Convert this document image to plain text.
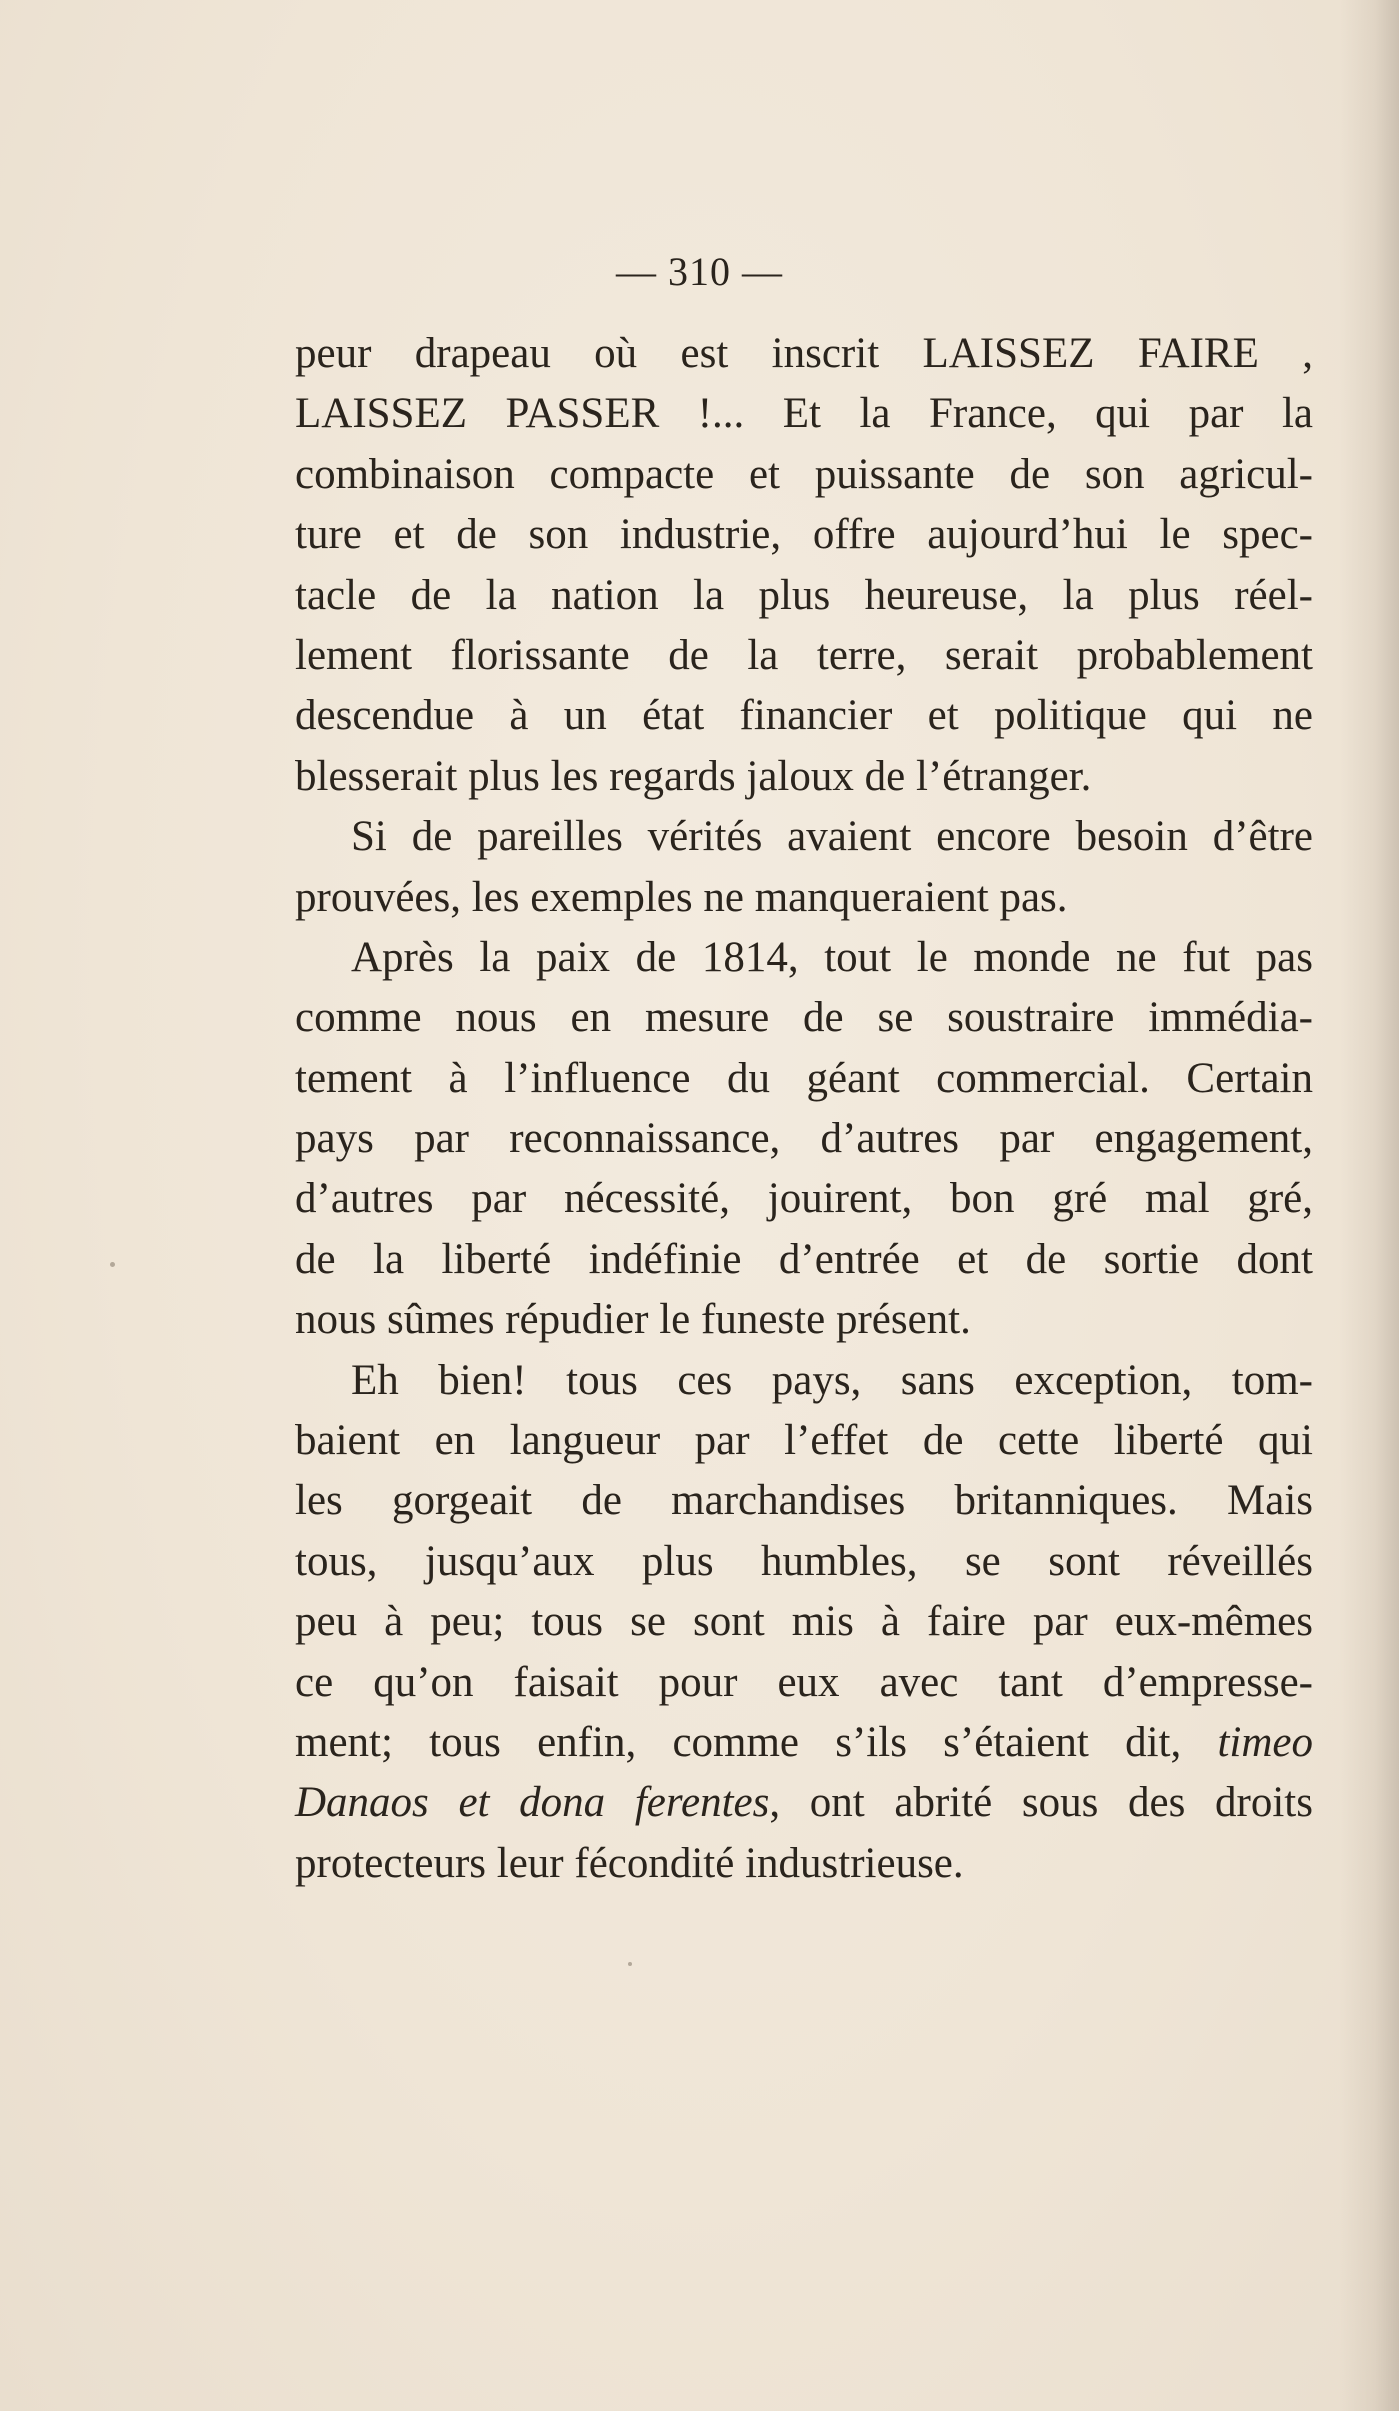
— 310 —
peur drapeau où est inscrit LAISSEZ FAIRE ,
LAISSEZ PASSER !... Et la France, qui par la
combinaison compacte et puissante de son agricul-
ture et de son industrie, offre aujourd’hui le spec-
tacle de la nation la plus heureuse, la plus réel-
lement florissante de la terre, serait probablement
descendue à un état financier et politique qui ne
blesserait plus les regards jaloux de l’étranger.
Si de pareilles vérités avaient encore besoin d’être
prouvées, les exemples ne manqueraient pas.
Après la paix de 1814, tout le monde ne fut pas
comme nous en mesure de se soustraire immédia-
tement à l’influence du géant commercial. Certain
pays par reconnaissance, d’autres par engagement,
d’autres par nécessité, jouirent, bon gré mal gré,
de la liberté indéfinie d’entrée et de sortie dont
nous sûmes répudier le funeste présent.
Eh bien! tous ces pays, sans exception, tom-
baient en langueur par l’effet de cette liberté qui
les gorgeait de marchandises britanniques. Mais
tous, jusqu’aux plus humbles, se sont réveillés
peu à peu; tous se sont mis à faire par eux-mêmes
ce qu’on faisait pour eux avec tant d’empresse-
ment; tous enfin, comme s’ils s’étaient dit, timeo
Danaos et dona ferentes, ont abrité sous des droits
protecteurs leur fécondité industrieuse.
